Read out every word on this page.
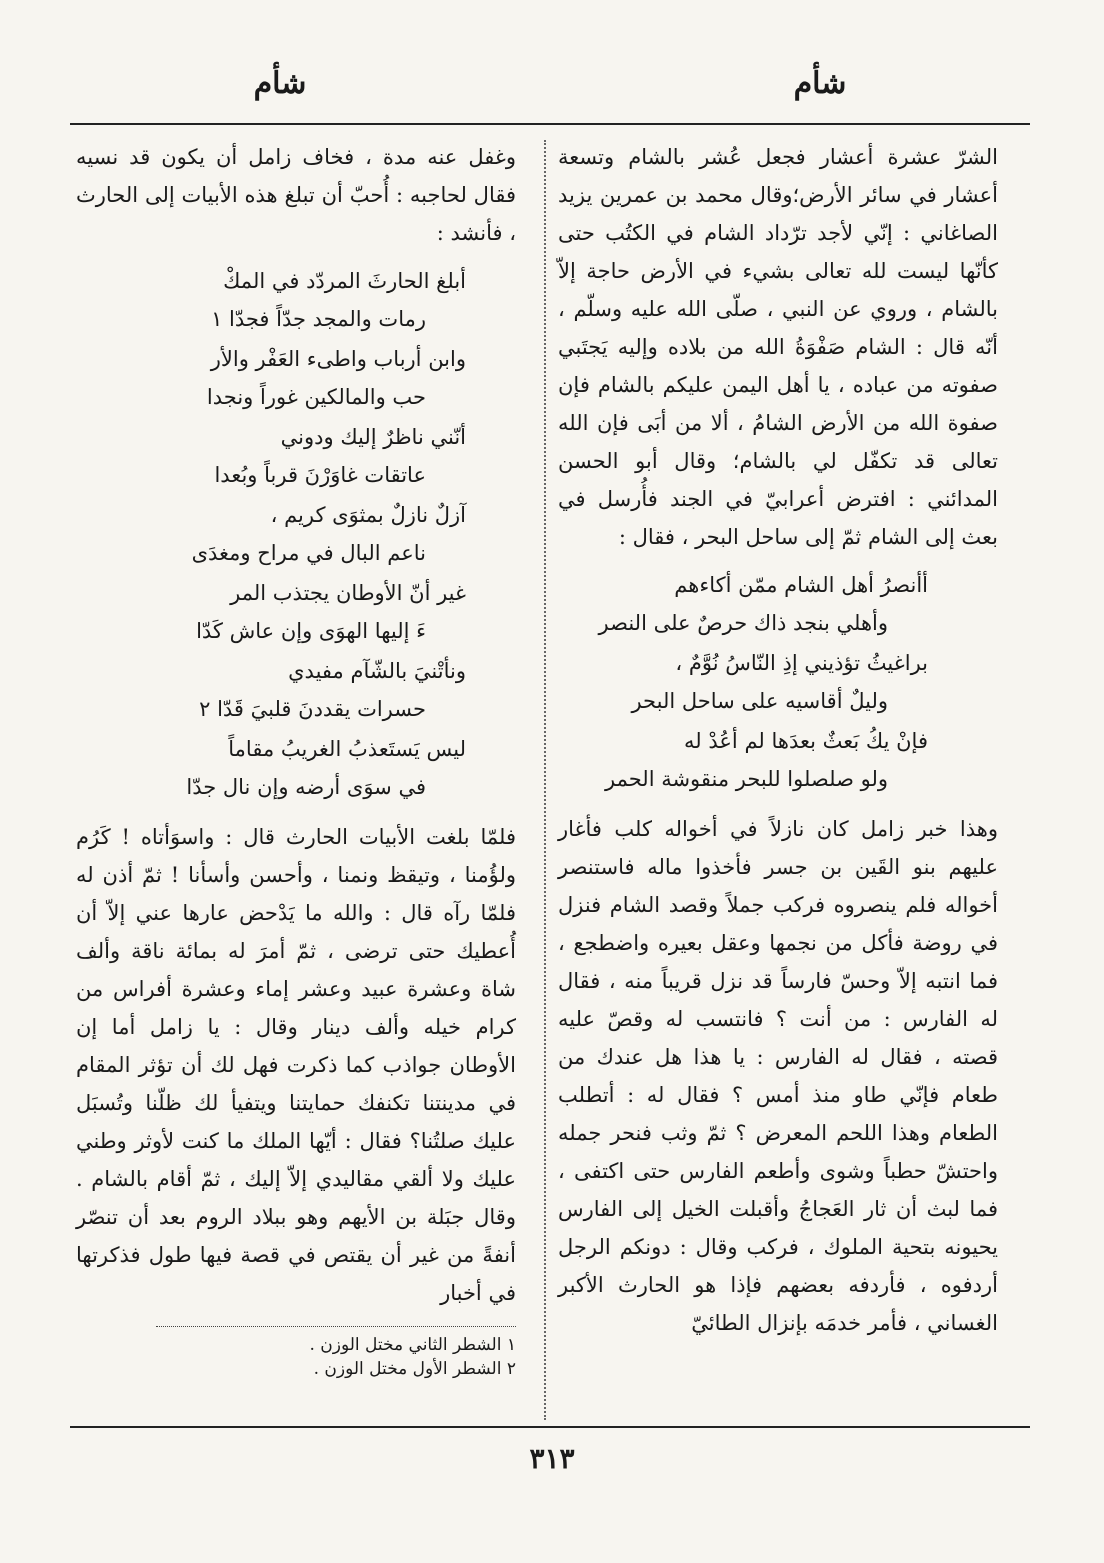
شأم
شأم

الشرّ عشرة أعشار فجعل عُشر بالشام وتسعة أعشار في سائر الأرض؛وقال محمد بن عمرين يزيد الصاغاني : إنّي لأجد ترّداد الشام في الكتُب حتى كأنّها ليست لله تعالى بشيء في الأرض حاجة إلاّ بالشام ، وروي عن النبي ، صلّى الله عليه وسلّم ، أنّه قال : الشام صَفْوَةُ الله من بلاده وإليه يَجتَبي صفوته من عباده ، يا أهل اليمن عليكم بالشام فإن صفوة الله من الأرض الشامُ ، ألا من أبَى فإن الله تعالى قد تكفّل لي بالشام؛ وقال أبو الحسن المدائني : افترض أعرابيّ في الجند فأُرسل في بعث إلى الشام ثمّ إلى ساحل البحر ، فقال :

أأنصرُ أهل الشام ممّن أكاءهم
وأهلي بنجد ذاك حرصٌ على النصر
براغيثُ تؤذيني إذِ النّاسُ نُوَّمٌ ،
وليلٌ أقاسيه على ساحل البحر
فإنْ يكُ بَعثٌ بعدَها لم أعُدْ له
ولو صلصلوا للبحر منقوشة الحمر

وهذا خبر زامل كان نازلاً في أخواله كلب فأغار عليهم بنو القَين بن جسر فأخذوا ماله فاستنصر أخواله فلم ينصروه فركب جملاً وقصد الشام فنزل في روضة فأكل من نجمها وعقل بعيره واضطجع ، فما انتبه إلاّ وحسّ فارساً قد نزل قريباً منه ، فقال له الفارس : من أنت ؟ فانتسب له وقصّ عليه قصته ، فقال له الفارس : يا هذا هل عندك من طعام فإنّي طاو منذ أمس ؟ فقال له : أتطلب الطعام وهذا اللحم المعرض ؟ ثمّ وثب فنحر جمله واحتشّ حطباً وشوى وأطعم الفارس حتى اكتفى ، فما لبث أن ثار العَجاجُ وأقبلت الخيل إلى الفارس يحيونه بتحية الملوك ، فركب وقال : دونكم الرجل أردفوه ، فأردفه بعضهم فإذا هو الحارث الأكبر الغساني ، فأمر خدمَه بإنزال الطائيّ

وغفل عنه مدة ، فخاف زامل أن يكون قد نسيه فقال لحاجبه : أُحبّ أن تبلغ هذه الأبيات إلى الحارث ، فأنشد :

أبلغ الحارثَ المردّد في المكْ
رمات والمجد جدّاً فجدّا ١
وابن أرباب واطىء العَفْر والأر
حب والمالكين غوراً ونجدا
أنّني ناظرٌ إليك ودوني
عاتقات غاوَرْنَ قرباً وبُعدا
آزلٌ نازلٌ بمثوَى كريم ،
ناعم البال في مراح ومغدَى
غير أنّ الأوطان يجتذب المر
ءَ إليها الهوَى وإن عاش كَدّا
ونأتْنيَ بالشّآم مفيدي
حسرات يقددنَ قلبيَ قَدّا ٢
ليس يَستَعذبُ الغريبُ مقاماً
في سوَى أرضه وإن نال جدّا

فلمّا بلغت الأبيات الحارث قال : واسوَأتاه ! كَرُم ولؤُمنا ، وتيقظ ونمنا ، وأحسن وأسأنا ! ثمّ أذن له فلمّا رآه قال : والله ما يَدْحض عارها عني إلاّ أن أُعطيك حتى ترضى ، ثمّ أمرَ له بمائة ناقة وألف شاة وعشرة عبيد وعشر إماء وعشرة أفراس من كرام خيله وألف دينار وقال : يا زامل أما إن الأوطان جواذب كما ذكرت فهل لك أن تؤثر المقام في مدينتنا تكنفك حمايتنا ويتفيأ لك ظلّنا وتُسبَل عليك صلتُنا؟ فقال : أيّها الملك ما كنت لأوثر وطني عليك ولا ألقي مقاليدي إلاّ إليك ، ثمّ أقام بالشام . وقال جبَلة بن الأيهم وهو ببلاد الروم بعد أن تنصّر أنفةً من غير أن يقتص في قصة فيها طول فذكرتها في أخبار

١ الشطر الثاني مختل الوزن .

٢ الشطر الأول مختل الوزن .

٣١٣
